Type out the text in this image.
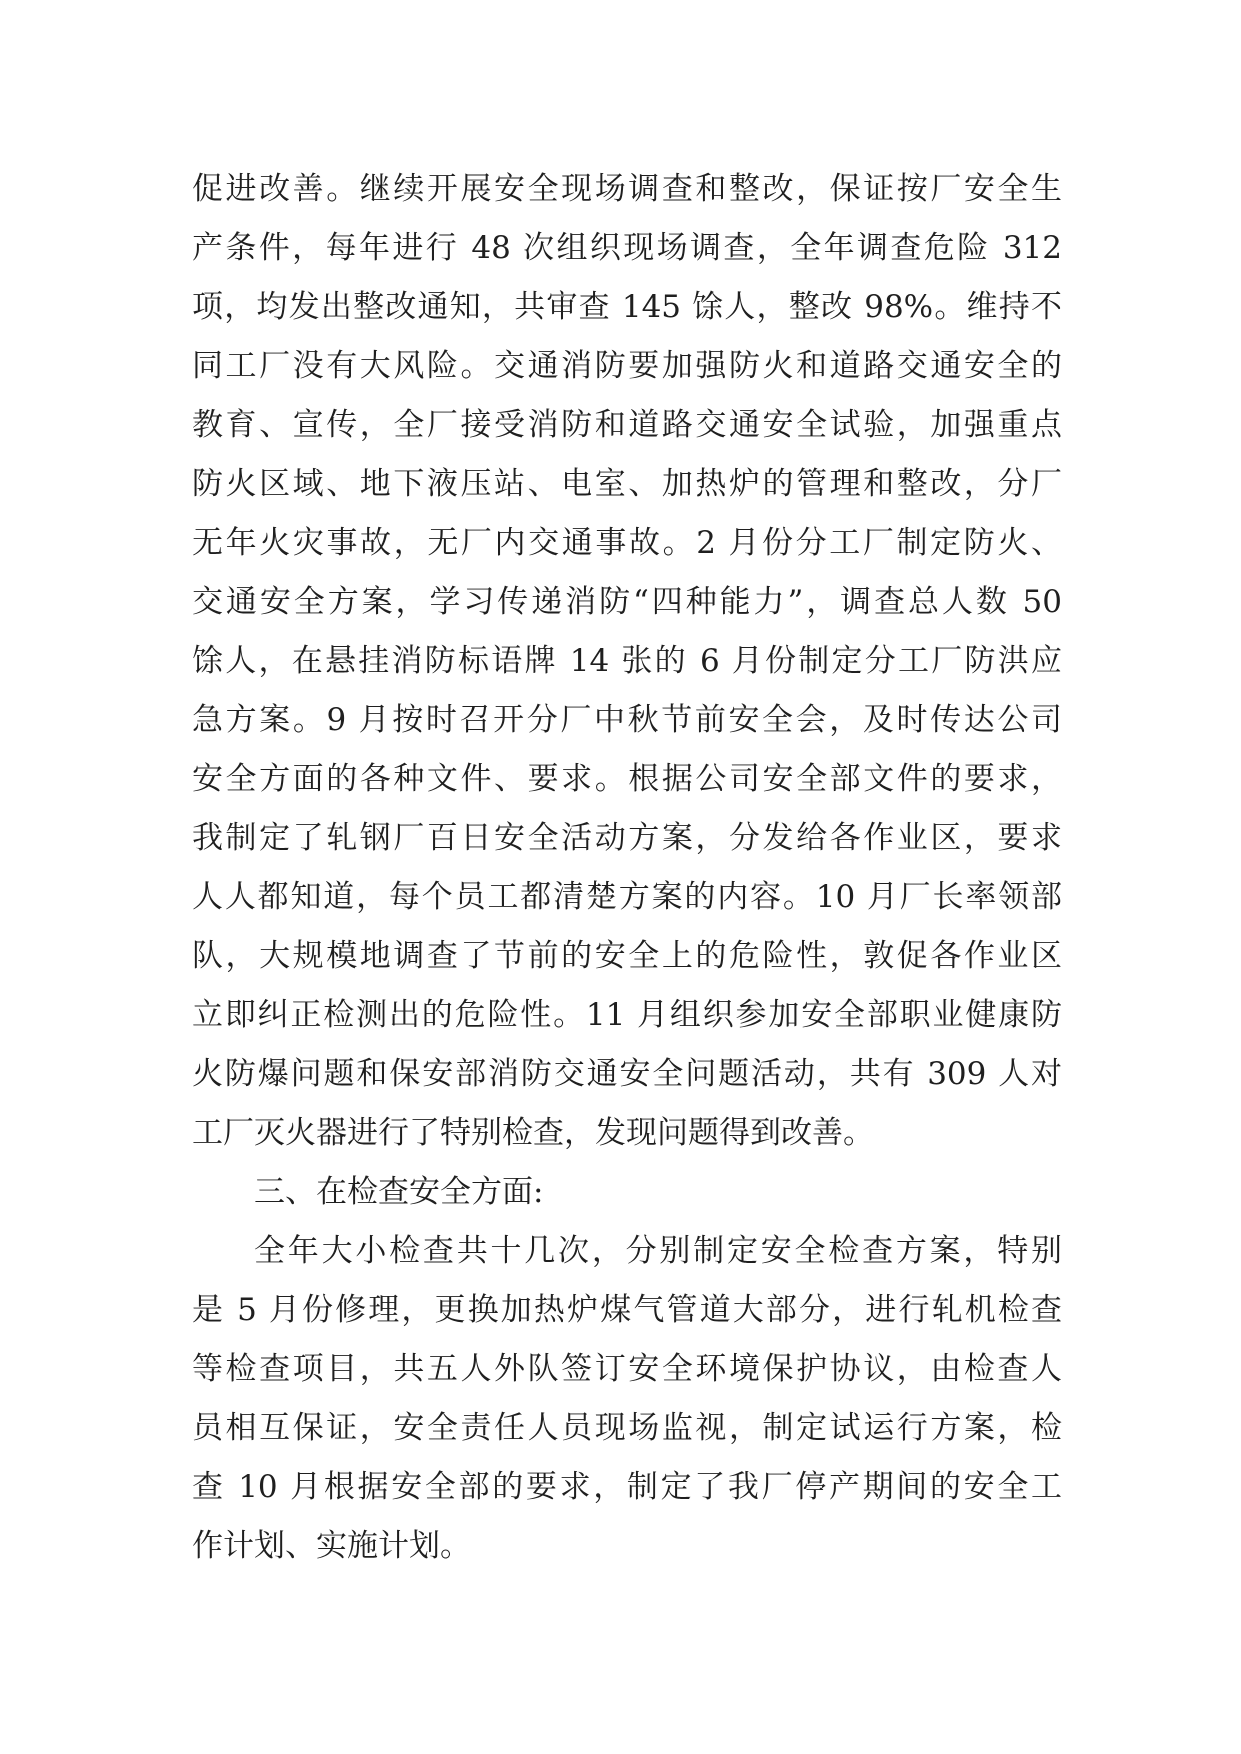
促进改善。继续开展安全现场调查和整改，保证按厂安全生
产条件，每年进行 48 次组织现场调查，全年调查危险 312
项，均发出整改通知，共审查 145 馀人，整改 98%。维持不
同工厂没有大风险。交通消防要加强防火和道路交通安全的
教育、宣传，全厂接受消防和道路交通安全试验，加强重点
防火区域、地下液压站、电室、加热炉的管理和整改，分厂
无年火灾事故，无厂内交通事故。2 月份分工厂制定防火、
交通安全方案，学习传递消防“四种能力”，调查总人数 50
馀人，在悬挂消防标语牌 14 张的 6 月份制定分工厂防洪应
急方案。9 月按时召开分厂中秋节前安全会，及时传达公司
安全方面的各种文件、要求。根据公司安全部文件的要求，
我制定了轧钢厂百日安全活动方案，分发给各作业区，要求
人人都知道，每个员工都清楚方案的内容。10 月厂长率领部
队，大规模地调查了节前的安全上的危险性，敦促各作业区
立即纠正检测出的危险性。11 月组织参加安全部职业健康防
火防爆问题和保安部消防交通安全问题活动，共有 309 人对
工厂灭火器进行了特别检查，发现问题得到改善。
三、在检查安全方面:
全年大小检查共十几次，分别制定安全检查方案，特别
是 5 月份修理，更换加热炉煤气管道大部分，进行轧机检查
等检查项目，共五人外队签订安全环境保护协议，由检查人
员相互保证，安全责任人员现场监视，制定试运行方案，检
查 10 月根据安全部的要求，制定了我厂停产期间的安全工
作计划、实施计划。
